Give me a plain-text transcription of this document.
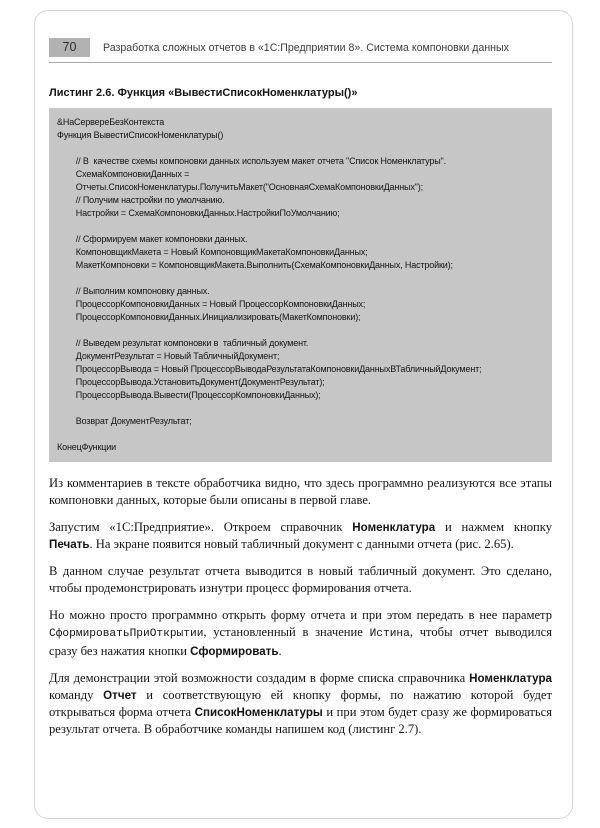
70	Разработка сложных отчетов в «1С:Предприятии 8». Система компоновки данных
Листинг 2.6. Функция «ВывестиСписокНоменклатуры()»
&НаСервереБезКонтекста
Функция ВывестиСписокНоменклатуры()

// В  качестве схемы компоновки данных используем макет отчета "Список Номенклатуры".
СхемаКомпоновкиДанных =
Отчеты.СписокНоменклатуры.ПолучитьМакет("ОсновнаяСхемаКомпоновкиДанных");
// Получим настройки по умолчанию.
Настройки = СхемаКомпоновкиДанных.НастройкиПоУмолчанию;

// Сформируем макет компоновки данных.
КомпоновщикМакета = Новый КомпоновщикМакетаКомпоновкиДанных;
МакетКомпоновки = КомпоновщикМакета.Выполнить(СхемаКомпоновкиДанных, Настройки);

// Выполним компоновку данных.
ПроцессорКомпоновкиДанных = Новый ПроцессорКомпоновкиДанных;
ПроцессорКомпоновкиДанных.Инициализировать(МакетКомпоновки);

// Выведем результат компоновки в  табличный документ.
ДокументРезультат = Новый ТабличныйДокумент;
ПроцессорВывода = Новый ПроцессорВыводаРезультатаКомпоновкиДанныхВТабличныйДокумент;
ПроцессорВывода.УстановитьДокумент(ДокументРезультат);
ПроцессорВывода.Вывести(ПроцессорКомпоновкиДанных);

Возврат ДокументРезультат;

КонецФункции
Из комментариев в тексте обработчика видно, что здесь программно реализуются все этапы компоновки данных, которые были описаны в первой главе.
Запустим «1С:Предприятие». Откроем справочник Номенклатура и нажмем кнопку Печать. На экране появится новый табличный документ с данными отчета (рис. 2.65).
В данном случае результат отчета выводится в новый табличный документ. Это сделано, чтобы продемонстрировать изнутри процесс формирования отчета.
Но можно просто программно открыть форму отчета и при этом передать в нее параметр СформироватьПриОткрытии, установленный в значение Истина, чтобы отчет выводился сразу без нажатия кнопки Сформировать.
Для демонстрации этой возможности создадим в форме списка справочника Номенклатура команду Отчет и соответствующую ей кнопку формы, по нажатию которой будет открываться форма отчета СписокНоменклатуры и при этом будет сразу же формироваться результат отчета. В обработчике команды напишем код (листинг 2.7).
